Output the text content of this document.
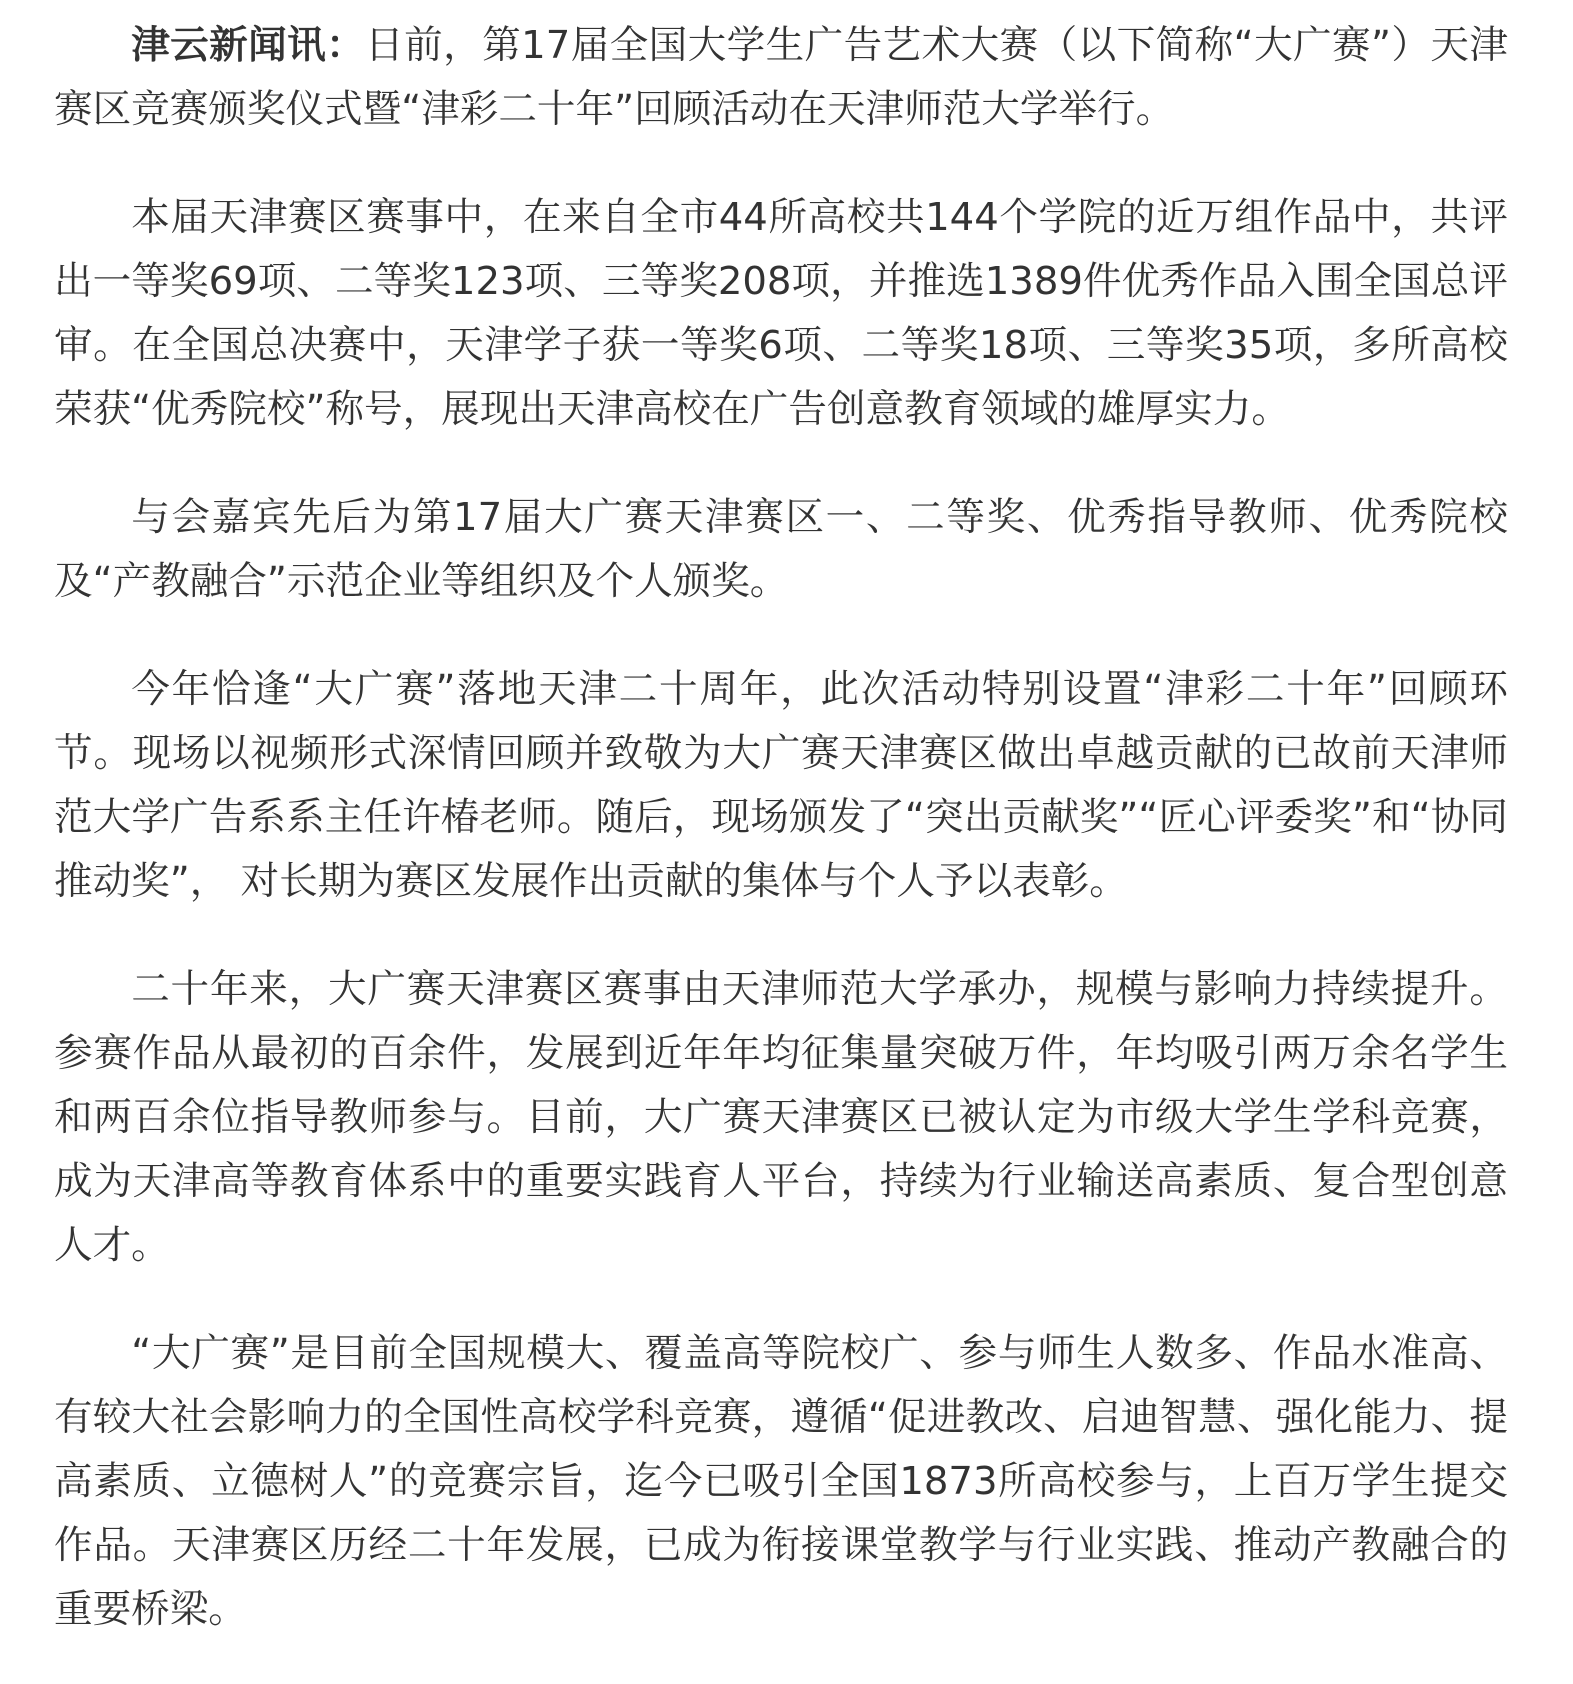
津云新闻讯：日前，第17届全国大学生广告艺术大赛（以下简称“大广赛”）天津赛区竞赛颁奖仪式暨“津彩二十年”回顾活动在天津师范大学举行。

本届天津赛区赛事中，在来自全市44所高校共144个学院的近万组作品中，共评出一等奖69项、二等奖123项、三等奖208项，并推选1389件优秀作品入围全国总评审。在全国总决赛中，天津学子获一等奖6项、二等奖18项、三等奖35项，多所高校荣获“优秀院校”称号，展现出天津高校在广告创意教育领域的雄厚实力。

与会嘉宾先后为第17届大广赛天津赛区一、二等奖、优秀指导教师、优秀院校及“产教融合”示范企业等组织及个人颁奖。

今年恰逢“大广赛”落地天津二十周年，此次活动特别设置“津彩二十年”回顾环节。现场以视频形式深情回顾并致敬为大广赛天津赛区做出卓越贡献的已故前天津师范大学广告系系主任许椿老师。随后，现场颁发了“突出贡献奖”“匠心评委奖”和“协同推动奖”， 对长期为赛区发展作出贡献的集体与个人予以表彰。

二十年来，大广赛天津赛区赛事由天津师范大学承办，规模与影响力持续提升。参赛作品从最初的百余件，发展到近年年均征集量突破万件，年均吸引两万余名学生和两百余位指导教师参与。目前，大广赛天津赛区已被认定为市级大学生学科竞赛，成为天津高等教育体系中的重要实践育人平台，持续为行业输送高素质、复合型创意人才。

“大广赛”是目前全国规模大、覆盖高等院校广、参与师生人数多、作品水准高、有较大社会影响力的全国性高校学科竞赛，遵循“促进教改、启迪智慧、强化能力、提高素质、立德树人”的竞赛宗旨，迄今已吸引全国1873所高校参与，上百万学生提交作品。天津赛区历经二十年发展，已成为衔接课堂教学与行业实践、推动产教融合的重要桥梁。
